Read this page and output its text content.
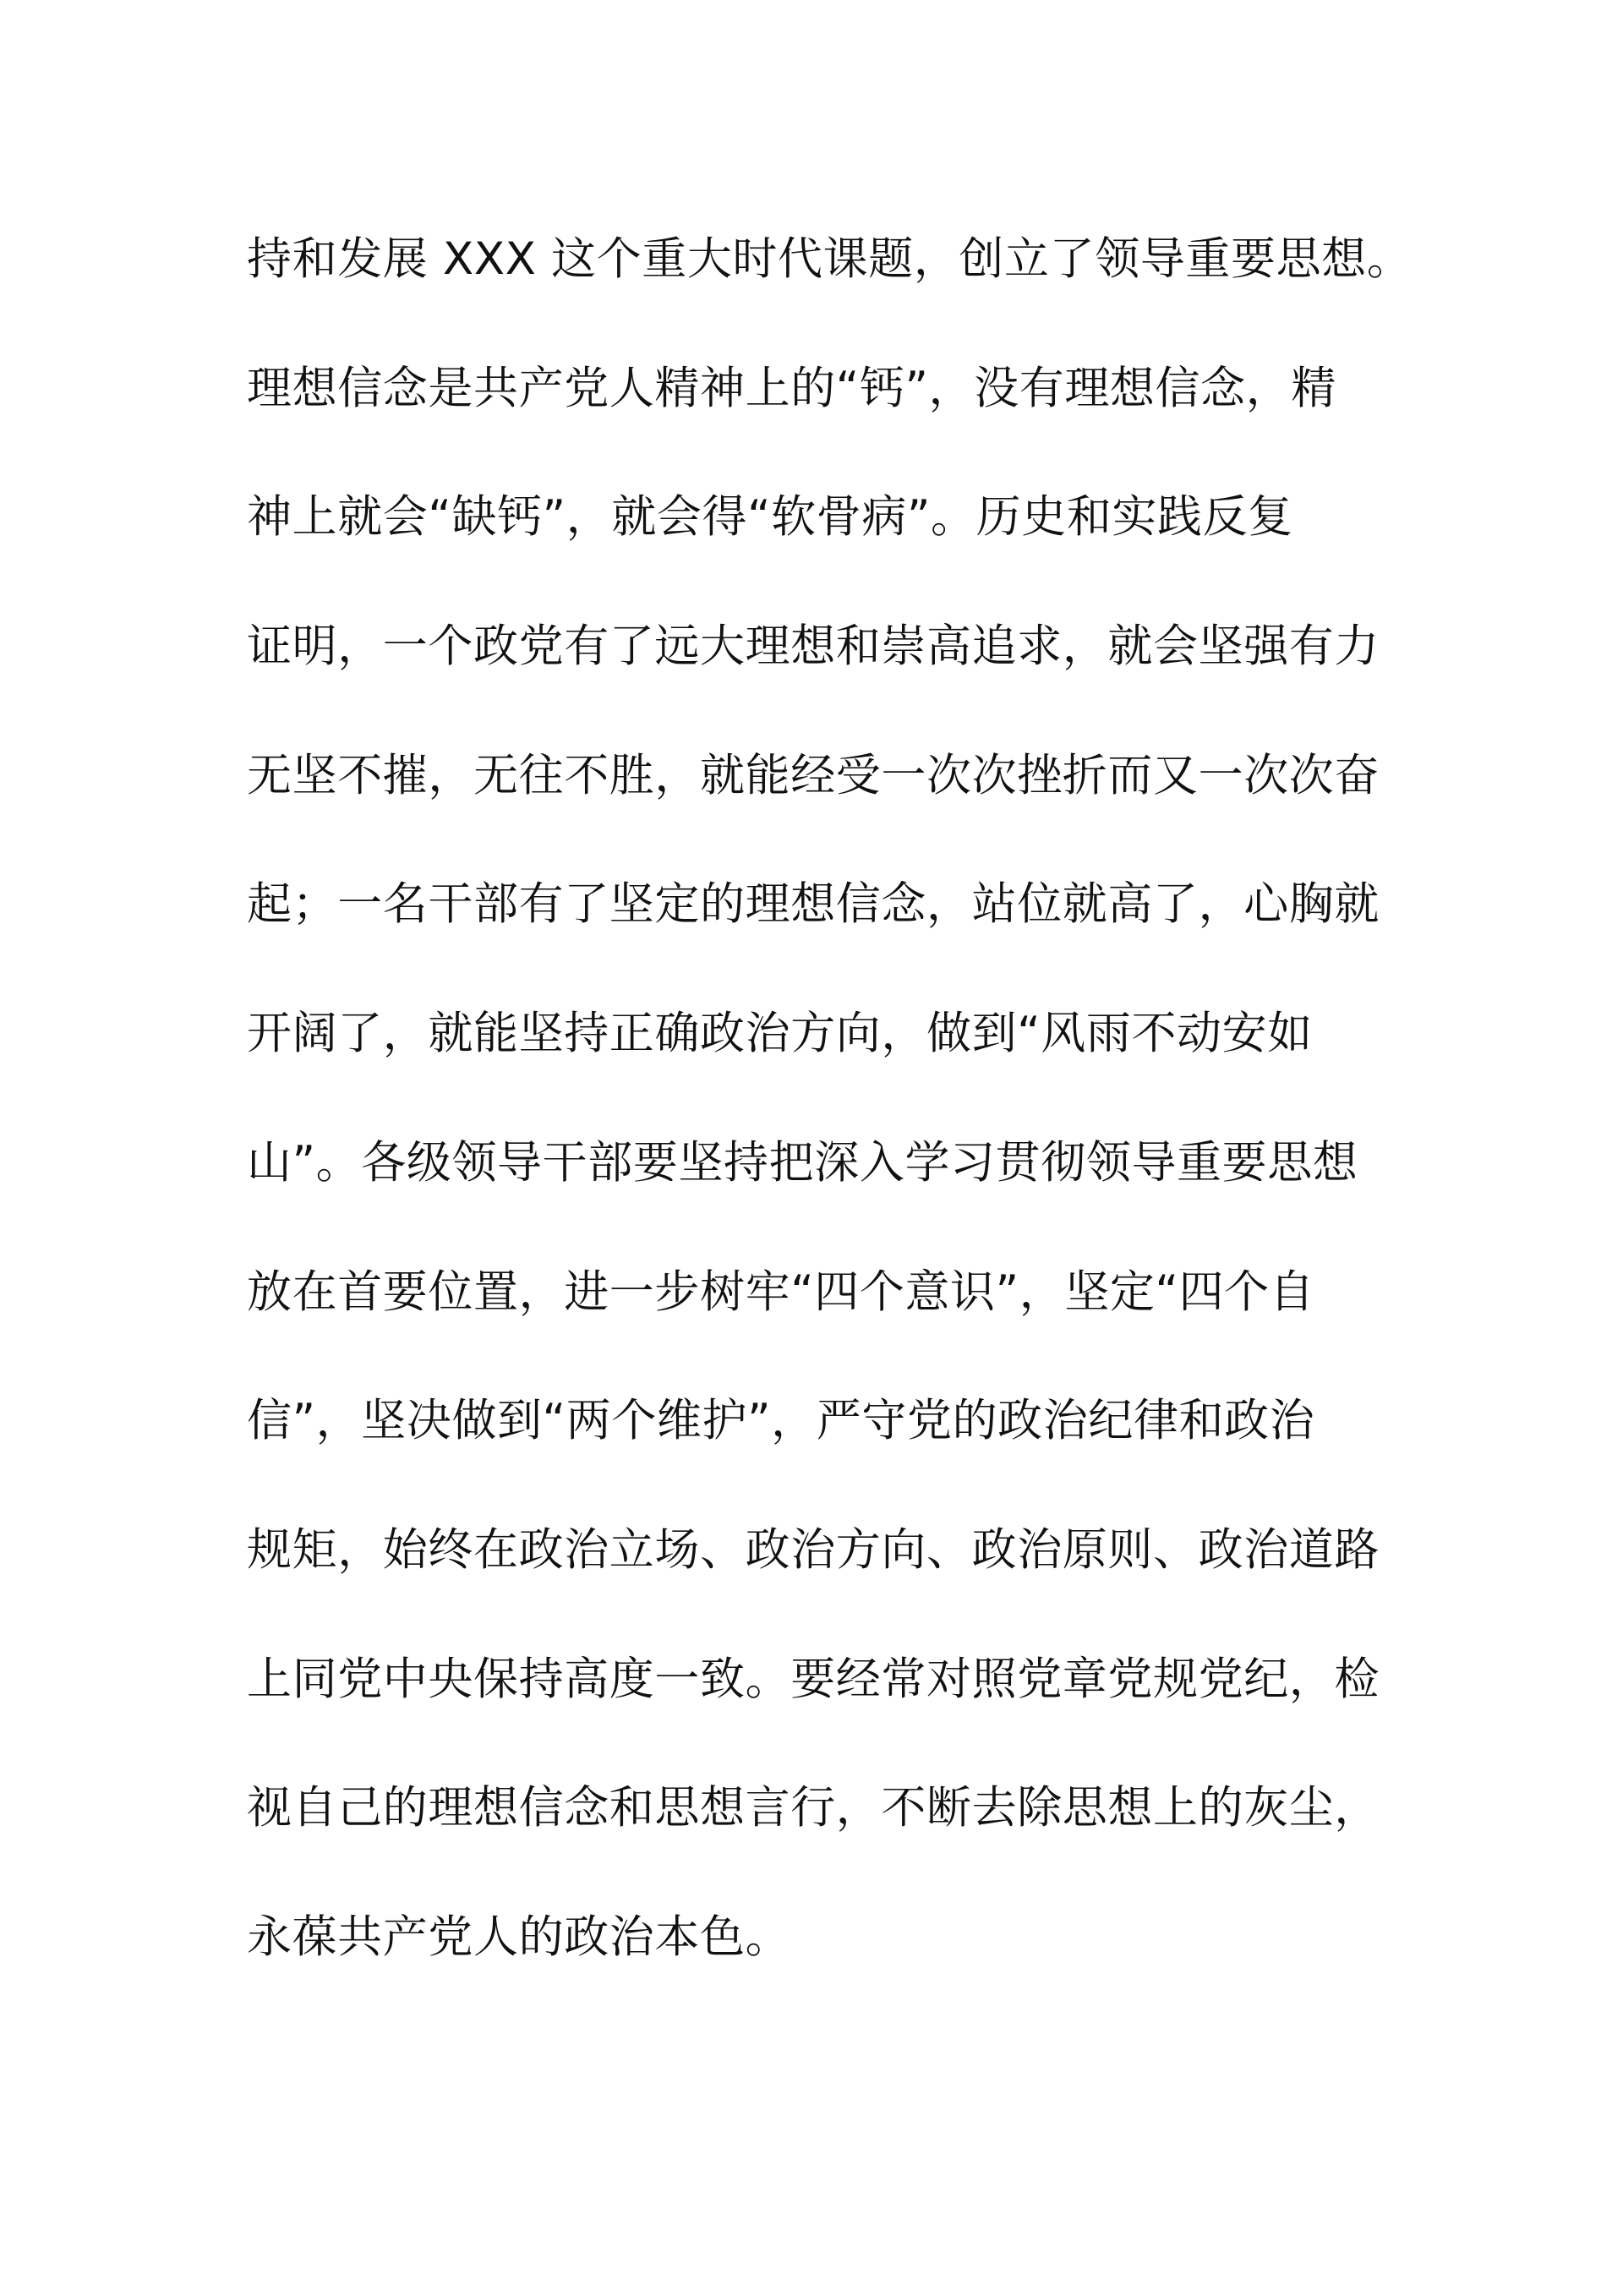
持和发展 XXX 这个重大时代课题，创立了领导重要思想。
理想信念是共产党人精神上的“钙”，没有理想信念，精
神上就会“缺钙”，就会得“软骨病”。历史和实践反复
证明，一个政党有了远大理想和崇高追求，就会坚强有力
无坚不摧，无往不胜，就能经受一次次挫折而又一次次奋
起；一名干部有了坚定的理想信念，站位就高了，心胸就
开阔了，就能坚持正确政治方向，做到“风雨不动安如
山”。各级领导干部要坚持把深入学习贯彻领导重要思想
放在首要位置，进一步树牢“四个意识”，坚定“四个自
信”，坚决做到“两个维护”，严守党的政治纪律和政治
规矩，始终在政治立场、政治方向、政治原则、政治道路
上同党中央保持高度一致。要经常对照党章党规党纪，检
视自己的理想信念和思想言行，不断去除思想上的灰尘，
永葆共产党人的政治本色。
